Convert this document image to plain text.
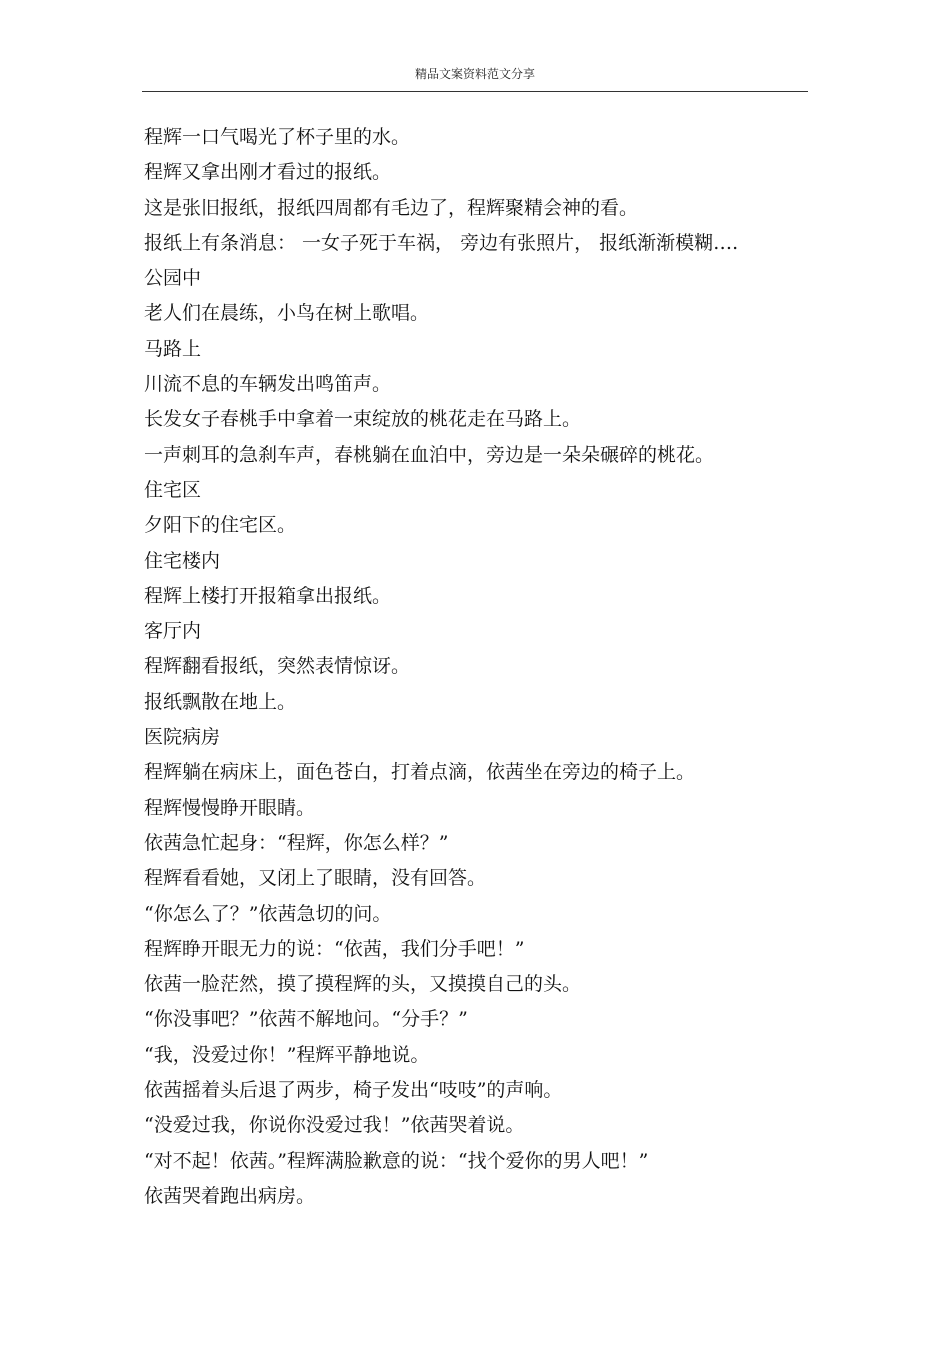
精品文案资料范文分享
程辉一口气喝光了杯子里的水。
程辉又拿出刚才看过的报纸。
这是张旧报纸，报纸四周都有毛边了，程辉聚精会神的看。
报纸上有条消息： 一女子死于车祸， 旁边有张照片， 报纸渐渐模糊….
公园中
老人们在晨练，小鸟在树上歌唱。
马路上
川流不息的车辆发出鸣笛声。
长发女子春桃手中拿着一束绽放的桃花走在马路上。
一声刺耳的急刹车声，春桃躺在血泊中，旁边是一朵朵碾碎的桃花。
住宅区
夕阳下的住宅区。
住宅楼内
程辉上楼打开报箱拿出报纸。
客厅内
程辉翻看报纸，突然表情惊讶。
报纸飘散在地上。
医院病房
程辉躺在病床上，面色苍白，打着点滴，依茜坐在旁边的椅子上。
程辉慢慢睁开眼睛。
依茜急忙起身：“程辉，你怎么样？”
程辉看看她，又闭上了眼睛，没有回答。
“你怎么了？”依茜急切的问。
程辉睁开眼无力的说：“依茜，我们分手吧！”
依茜一脸茫然，摸了摸程辉的头，又摸摸自己的头。
“你没事吧？”依茜不解地问。“分手？”
“我，没爱过你！”程辉平静地说。
依茜摇着头后退了两步，椅子发出“吱吱”的声响。
“没爱过我，你说你没爱过我！”依茜哭着说。
“对不起！依茜。”程辉满脸歉意的说：“找个爱你的男人吧！”
依茜哭着跑出病房。
